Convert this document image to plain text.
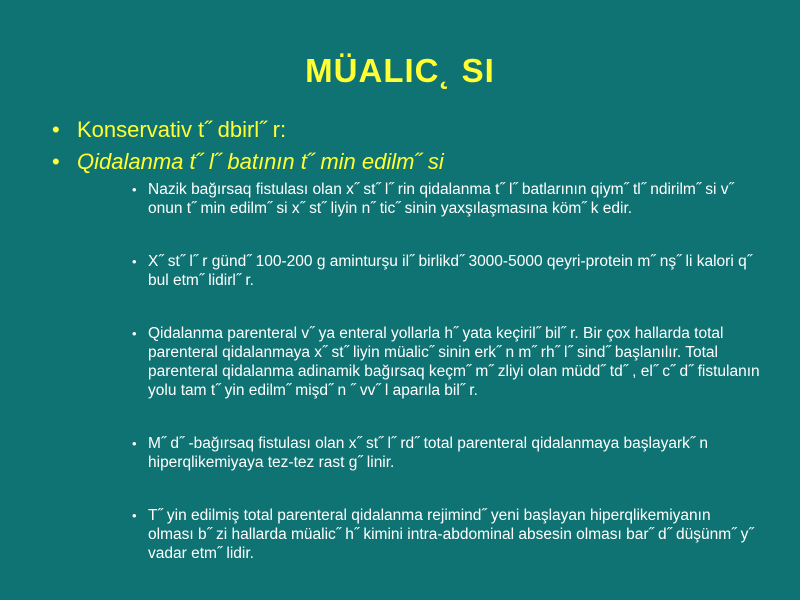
MÜALIC˛ SI
• Konservativ t˝ dbirl˝ r:
• Qidalanma t˝ l˝ batının t˝ min edilm˝ si
• Nazik bağırsaq fistulası olan x˝ st˝ l˝ rin qidalanma t˝ l˝ batlarının qiym˝ tl˝ ndirilm˝ si v˝ onun t˝ min edilm˝ si x˝ st˝ liyin n˝ tic˝ sinin yaxşılaşmasına köm˝ k edir.
• X˝ st˝ l˝ r günd˝ 100-200 g aminturşu il˝ birlikd˝ 3000-5000 qeyri-protein m˝ nş˝ li kalori q˝ bul etm˝ lidirl˝ r.
• Qidalanma parenteral v˝ ya enteral yollarla h˝ yata keçiril˝ bil˝ r. Bir çox hallarda total parenteral qidalanmaya x˝ st˝ liyin müalic˝ sinin erk˝ n m˝ rh˝ l˝ sind˝ başlanılır. Total parenteral qidalanma adinamik bağırsaq keçm˝ m˝ zliyi olan müdd˝ td˝ , el˝ c˝ d˝ fistulanın yolu tam t˝ yin edilm˝ mişd˝ n ˝ vv˝ l aparıla bil˝ r.
• M˝ d˝ -bağırsaq fistulası olan x˝ st˝ l˝ rd˝ total parenteral qidalanmaya başlayark˝ n hiperqlikemiyaya tez-tez rast g˝ linir.
• T˝ yin edilmiş total parenteral qidalanma rejimind˝ yeni başlayan hiperqlikemiyanın olması b˝ zi hallarda müalic˝ h˝ kimini intra-abdominal absesin olması bar˝ d˝ düşünm˝ y˝ vadar etm˝ lidir.
